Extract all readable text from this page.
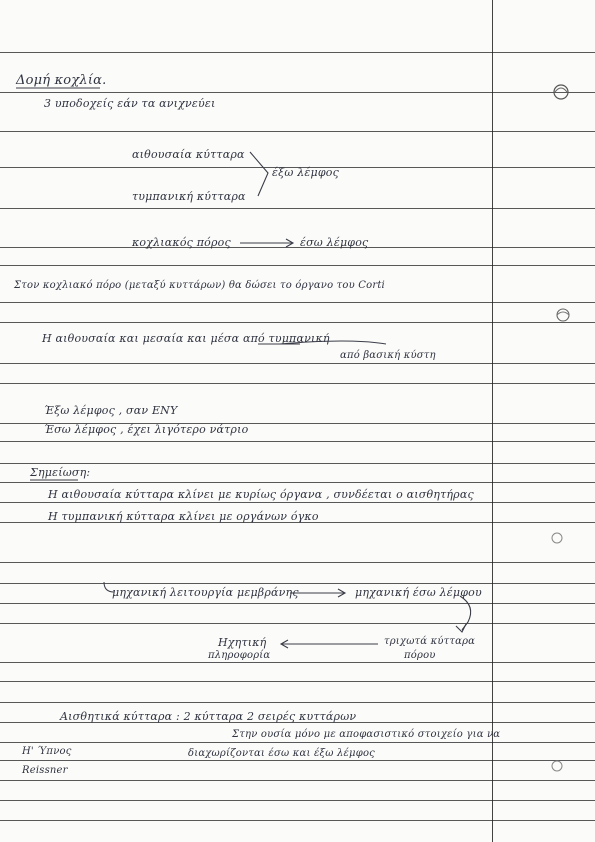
Δομή κοχλία.
3 υποδοχείς εάν τα ανιχνεύει
αιθουσαία κύτταρα
τυμπανική κύτταρα
έξω λέμφος
κοχλιακός πόρος	έσω λέμφος
Στον κοχλιακό πόρο (μεταξύ κυττάρων) θα δώσει το όργανο του Corti
Η αιθουσαία και μεσαία και μέσα από τυμπανική
από βασική κύστη
Έξω λέμφος , σαν ΕΝΥ
Έσω λέμφος , έχει λιγότερο νάτριο
Σημείωση:
Η αιθουσαία κύτταρα κλίνει με κυρίως όργανα , συνδέεται ο αισθητήρας
Η τυμπανική κύτταρα κλίνει με οργάνων όγκο
μηχανική λειτουργία μεμβράνης	μηχανική έσω λέμφου
Ηχητική
πληροφορία
τριχωτά κύτταρα
πόρου
Αισθητικά κύτταρα : 2 κύτταρα 2 σειρές κυττάρων
Στην ουσία μόνο με αποφασιστικό στοιχείο για να
διαχωρίζονται έσω και έξω λέμφος
Η' Ύπνος
Reissner
